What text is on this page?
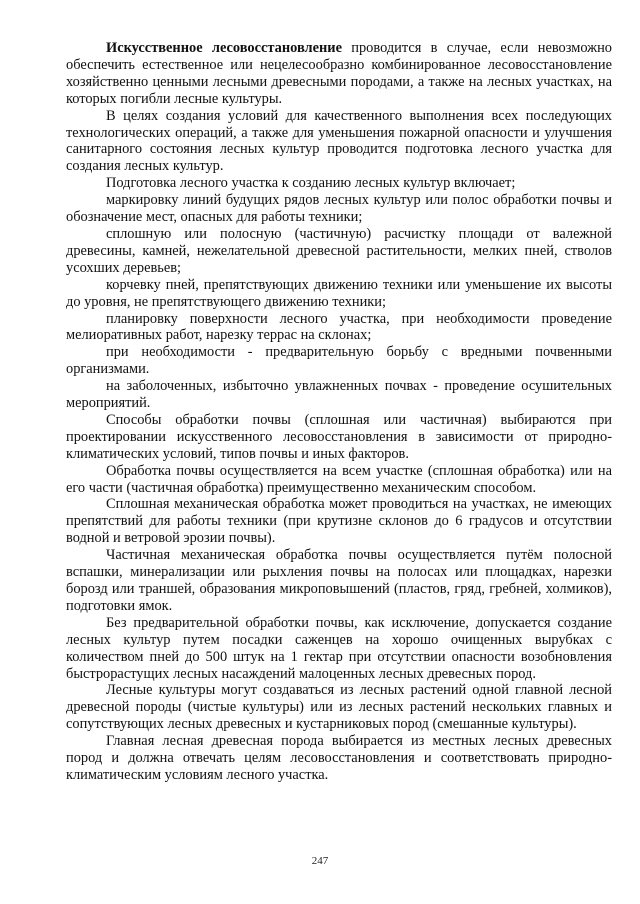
Искусственное лесовосстановление проводится в случае, если невозможно обеспечить естественное или нецелесообразно комбинированное лесовосстановление хозяйственно ценными лесными древесными породами, а также на лесных участках, на которых погибли лесные культуры.

В целях создания условий для качественного выполнения всех последующих технологических операций, а также для уменьшения пожарной опасности и улучшения санитарного состояния лесных культур проводится подготовка лесного участка для создания лесных культур.

Подготовка лесного участка к созданию лесных культур включает;

маркировку линий будущих рядов лесных культур или полос обработки почвы и обозначение мест, опасных для работы техники;

сплошную или полосную (частичную) расчистку площади от валежной древесины, камней, нежелательной древесной растительности, мелких пней, стволов усохших деревьев;

корчевку пней, препятствующих движению техники или уменьшение их высоты до уровня, не препятствующего движению техники;

планировку поверхности лесного участка, при необходимости проведение мелиоративных работ, нарезку террас на склонах;

при необходимости - предварительную борьбу с вредными почвенными организмами.

на заболоченных, избыточно увлажненных почвах - проведение осушительных мероприятий.

Способы обработки почвы (сплошная или частичная) выбираются при проектировании искусственного лесовосстановления в зависимости от природно-климатических условий, типов почвы и иных факторов.

Обработка почвы осуществляется на всем участке (сплошная обработка) или на его части (частичная обработка) преимущественно механическим способом.

Сплошная механическая обработка может проводиться на участках, не имеющих препятствий для работы техники (при крутизне склонов до 6 градусов и отсутствии водной и ветровой эрозии почвы).

Частичная механическая обработка почвы осуществляется путём полосной вспашки, минерализации или рыхления почвы на полосах или площадках, нарезки борозд или траншей, образования микроповышений (пластов, гряд, гребней, холмиков), подготовки ямок.

Без предварительной обработки почвы, как исключение, допускается создание лесных культур путем посадки саженцев на хорошо очищенных вырубках с количеством пней до 500 штук на 1 гектар при отсутствии опасности возобновления быстрорастущих лесных насаждений малоценных лесных древесных пород.

Лесные культуры могут создаваться из лесных растений одной главной лесной древесной породы (чистые культуры) или из лесных растений нескольких главных и сопутствующих лесных древесных и кустарниковых пород (смешанные культуры).

Главная лесная древесная порода выбирается из местных лесных древесных пород и должна отвечать целям лесовосстановления и соответствовать природно-климатическим условиям лесного участка.

247
